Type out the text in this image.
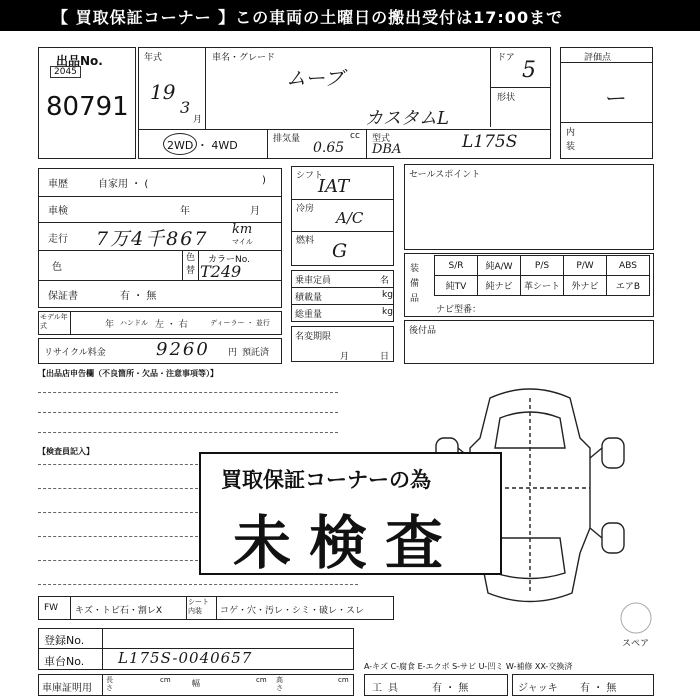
【 買取保証コーナー 】この車両の土曜日の搬出受付は17:00まで
出品No.
2045
80791
年式
19
3
月
車名・グレード
ムーブ
カスタムL
ドア 5
形状
2WD ・ 4WD	排気量	cc
0.65
型式
DBA	L175S
評価点
ー
内装
車歴	自家用 ・ (	)
車検	年	月
走行 7万4千867 km
マイル
色
色替
カラーNo.
T249
保証書	有 ・ 無
モデル年式	年 ハンドル 左 ・ 右	ディーラー ・ 並行
リサイクル料金	9260 円 預託済
シフト
IAT
冷房 A/C
燃料 G
乗車定員	名
積載量	kg
総重量	kg
名変期限
月	日
セールスポイント
装備品
ナビ型番：
後付品
【出品店申告欄（不良箇所・欠品・注意事項等）】
【検査員記入】
スペア
買取保証コーナーの為
未検査
FW キズ・トビ石・割レX
シート内装	コゲ・穴・汚レ・シミ・破レ・スレ
登録No.
車台No. L175S-0040657
車庫証明用
長さ
cm	幅	cm 高さ
cm
A-キズ C-腐食 E-エクボ S-サビ U-凹ミ W-補修 XX-交換済
工具	有 ・ 無	ジャッキ 有 ・ 無
S/R	純A/W	P/S	P/W	ABS
純TV	純ナビ	革シート	外ナビ	エアB
